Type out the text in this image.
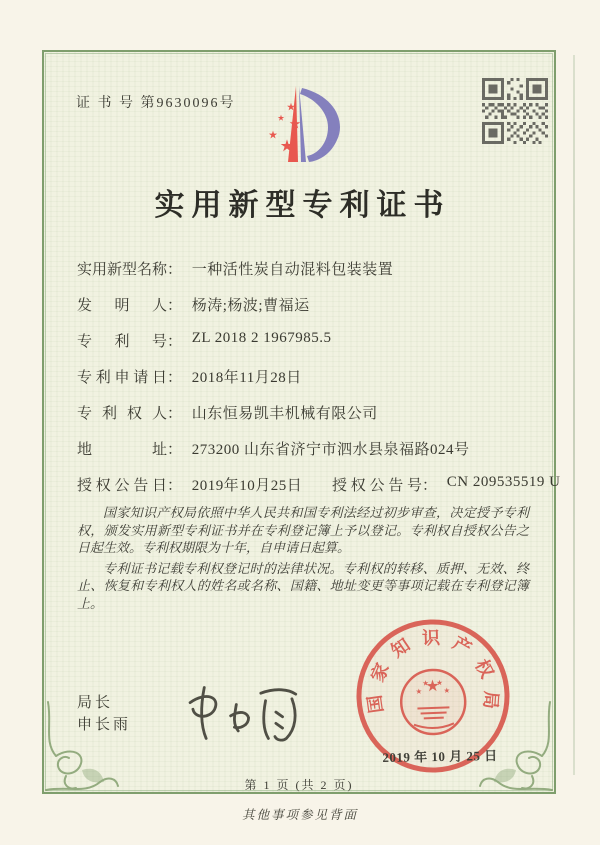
证 书 号 第9630096号
实用新型专利证书
实用新型名称： 一种活性炭自动混料包装装置
发明人： 杨涛;杨波;曹福运
专利号： ZL 2018 2 1967985.5
专利申请日： 2018年11月28日
专利权人： 山东恒易凯丰机械有限公司
地址： 273200 山东省济宁市泗水县泉福路024号
授权公告日： 2019年10月25日 授权公告号： CN 209535519 U

国家知识产权局依照中华人民共和国专利法经过初步审查，决定授予专利权，颁发实用新型专利证书并在专利登记簿上予以登记。专利权自授权公告之日起生效。专利权期限为十年，自申请日起算。

专利证书记载专利权登记时的法律状况。专利权的转移、质押、无效、终止、恢复和专利权人的姓名或名称、国籍、地址变更等事项记载在专利登记簿上。

局长
申长雨
国
家
知 识 产
权
局
2019 年 10 月 25 日
第 1 页 (共 2 页)
其他事项参见背面
